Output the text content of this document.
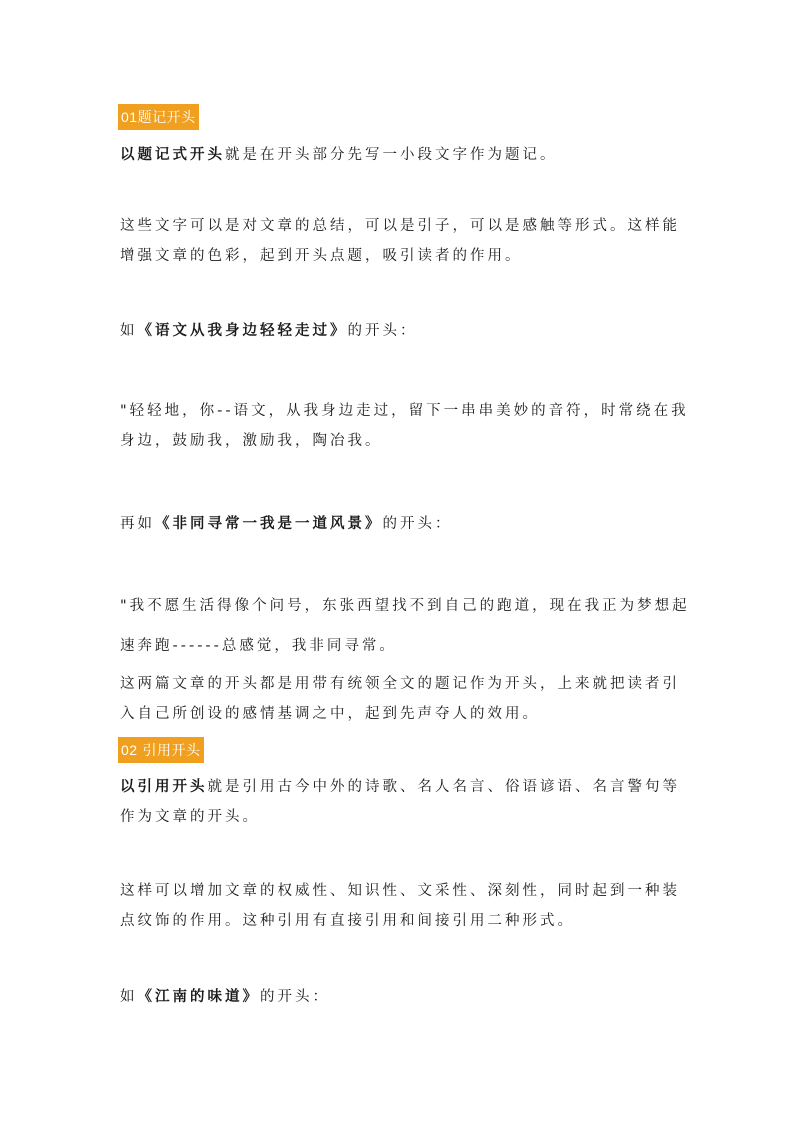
01题记开头
以题记式开头就是在开头部分先写一小段文字作为题记。
这些文字可以是对文章的总结，可以是引子，可以是感触等形式。这样能
增强文章的色彩，起到开头点题，吸引读者的作用。
如《语文从我身边轻轻走过》的开头：
"轻轻地，你--语文，从我身边走过，留下一串串美妙的音符，时常绕在我
身边，鼓励我，激励我，陶冶我。
再如《非同寻常一我是一道风景》的开头：
"我不愿生活得像个问号，东张西望找不到自己的跑道，现在我正为梦想起
速奔跑------总感觉，我非同寻常。
这两篇文章的开头都是用带有统领全文的题记作为开头，上来就把读者引
入自己所创设的感情基调之中，起到先声夺人的效用。
02 引用开头
以引用开头就是引用古今中外的诗歌、名人名言、俗语谚语、名言警句等
作为文章的开头。
这样可以增加文章的权威性、知识性、文采性、深刻性，同时起到一种装
点纹饰的作用。这种引用有直接引用和间接引用二种形式。
如《江南的味道》的开头：
